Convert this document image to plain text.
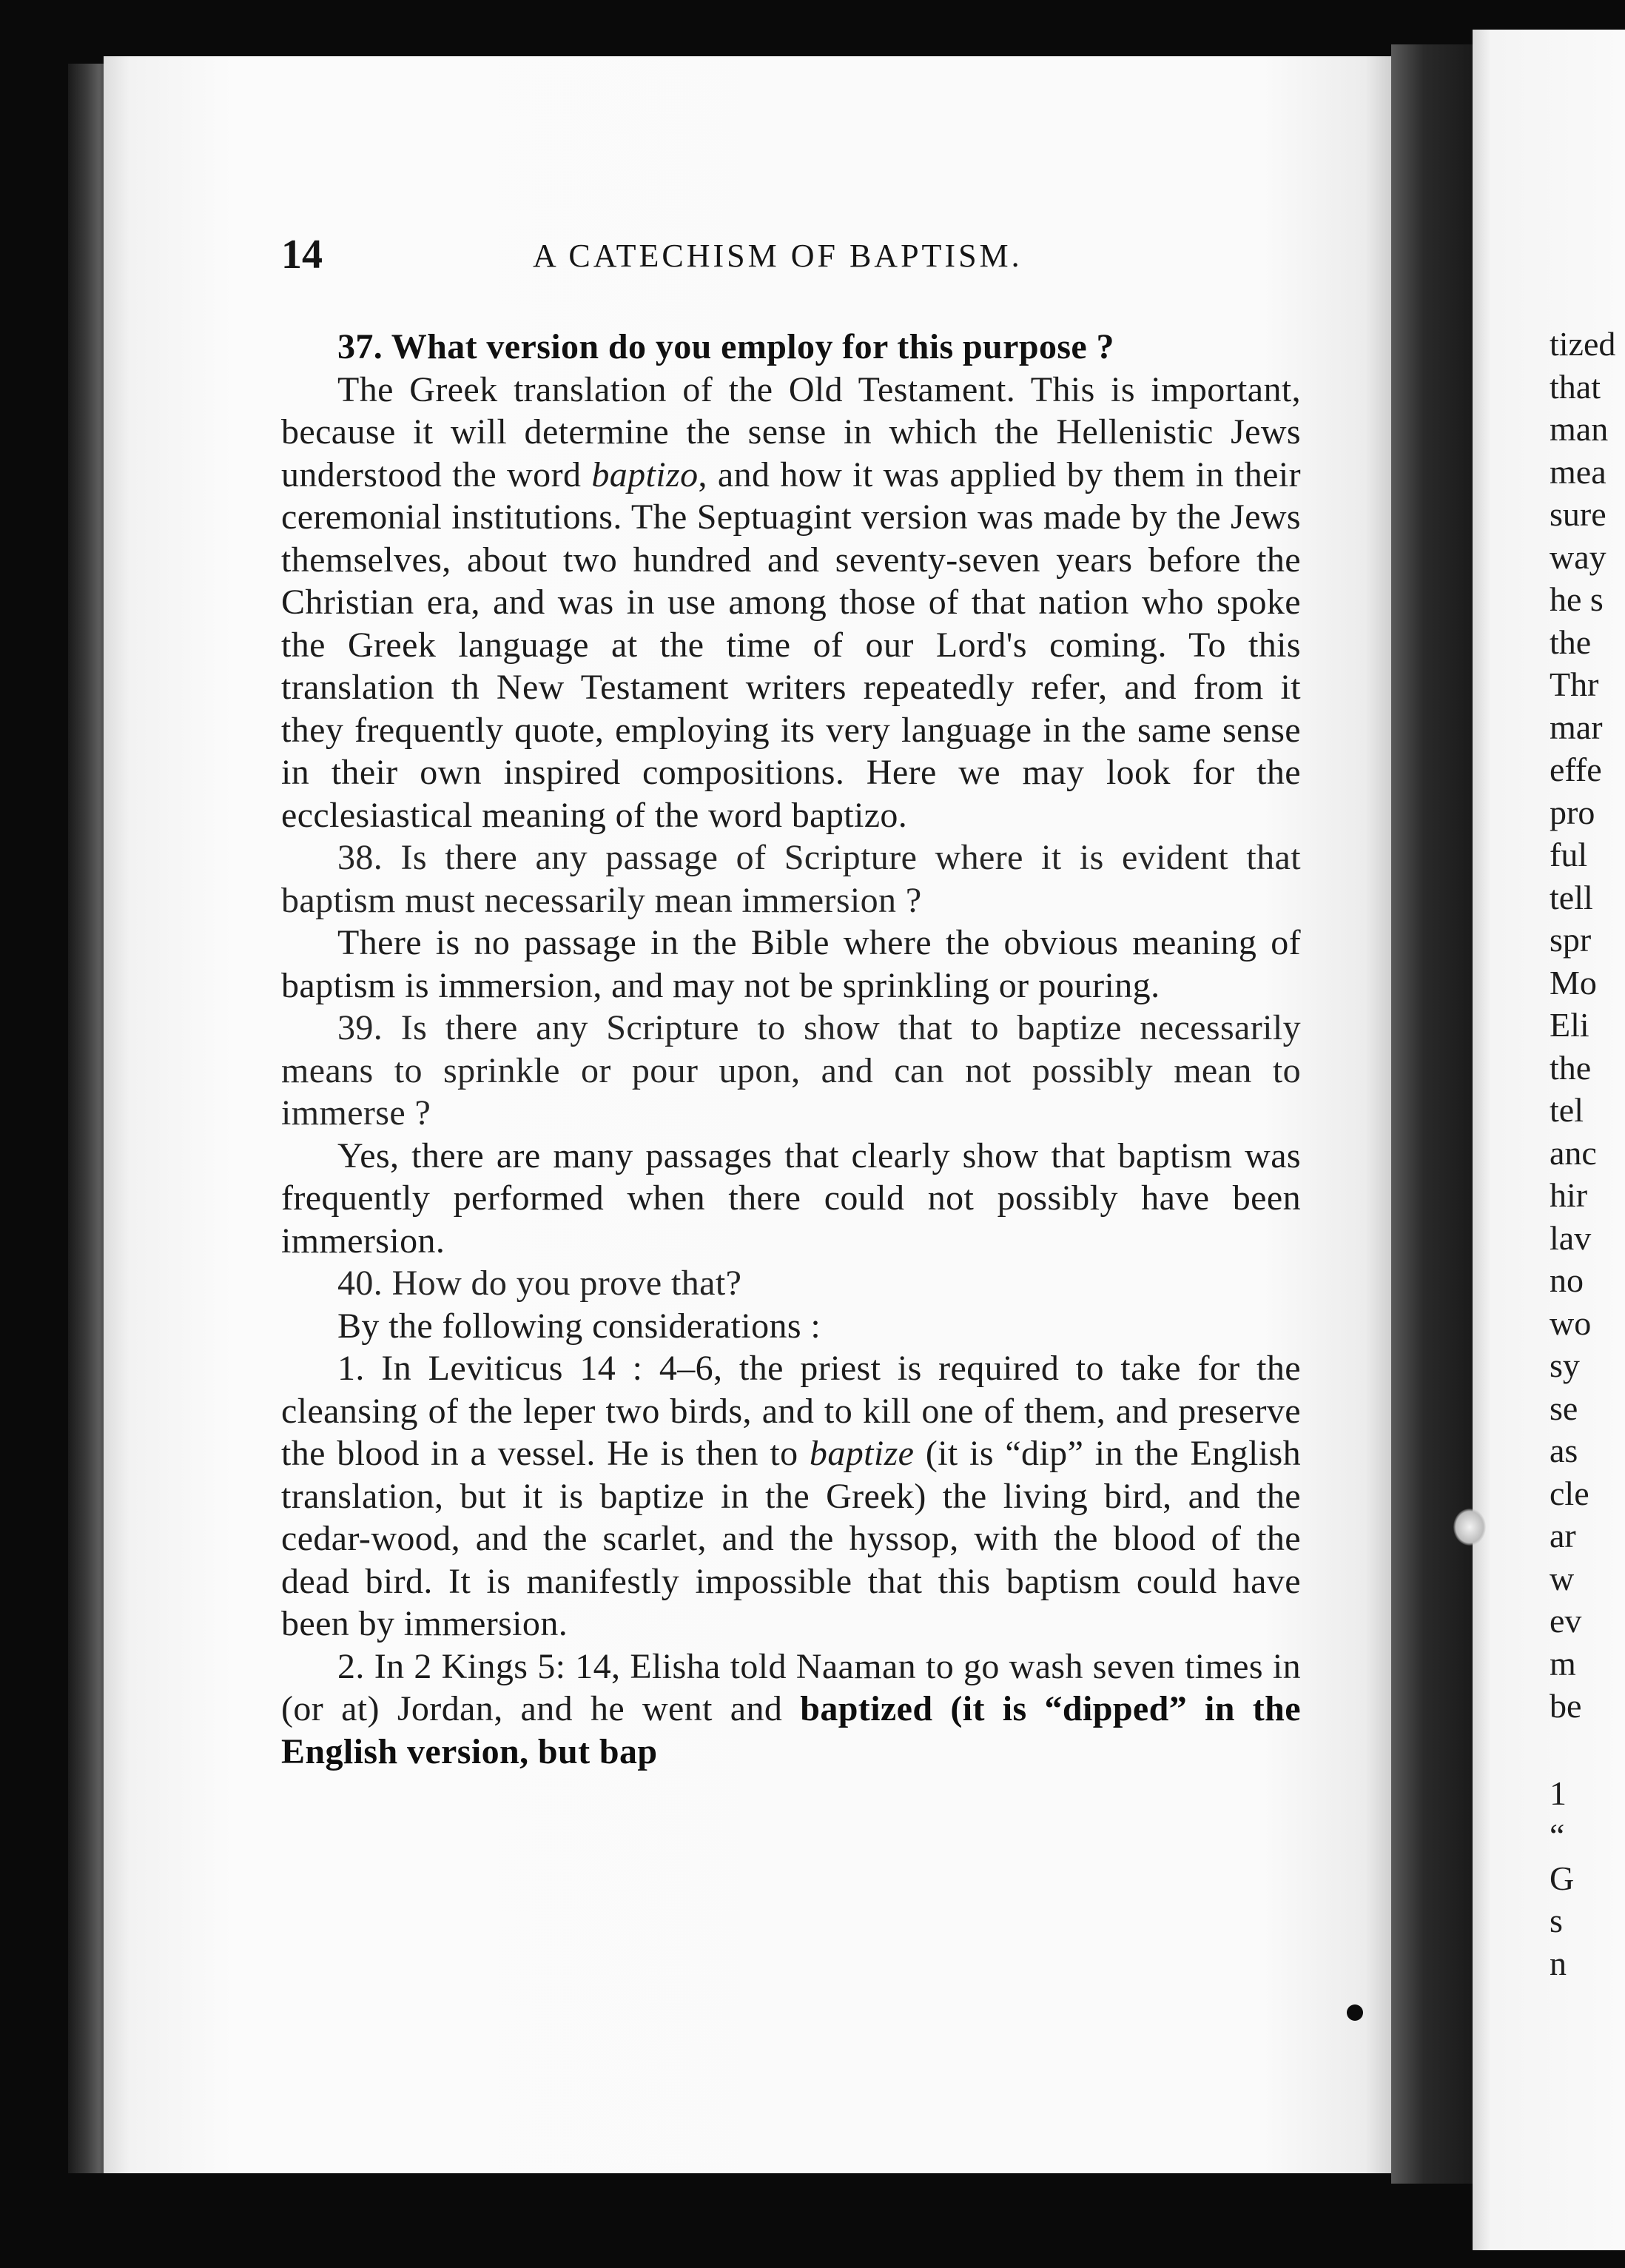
tized
that
man
mea
sure
way
he s
the
Thr
mar
effe
pro
ful
tell
spr
Mo
Eli
the
tel
anc
hir
lav
no
wo
sy
se
as
cle
ar
w
ev
m
be
1
“
G
s
n
14	A CATECHISM OF BAPTISM.

37. What version do you employ for this purpose ?

The Greek translation of the Old Testament. This is important, because it will determine the sense in which the Hellenistic Jews understood the word baptizo, and how it was applied by them in their ceremonial institutions. The Septuagint version was made by the Jews themselves, about two hundred and seventy-seven years before the Christian era, and was in use among those of that nation who spoke the Greek language at the time of our Lord's coming. To this translation th New Testament writers repeatedly refer, and from it they frequently quote, employing its very language in the same sense in their own inspired compositions. Here we may look for the ecclesiastical meaning of the word baptizo.

38. Is there any passage of Scripture where it is evident that baptism must necessarily mean immersion ?

There is no passage in the Bible where the obvious meaning of baptism is immersion, and may not be sprinkling or pouring.

39. Is there any Scripture to show that to baptize necessarily means to sprinkle or pour upon, and can not possibly mean to immerse ?

Yes, there are many passages that clearly show that baptism was frequently performed when there could not possibly have been immersion.

40. How do you prove that?

By the following considerations :

1. In Leviticus 14 : 4–6, the priest is required to take for the cleansing of the leper two birds, and to kill one of them, and preserve the blood in a vessel. He is then to baptize (it is “dip” in the English translation, but it is baptize in the Greek) the living bird, and the cedar-wood, and the scarlet, and the hyssop, with the blood of the dead bird. It is manifestly impossible that this baptism could have been by immersion.

2. In 2 Kings 5: 14, Elisha told Naaman to go wash seven times in (or at) Jordan, and he went and baptized (it is “dipped” in the English version, but bap
